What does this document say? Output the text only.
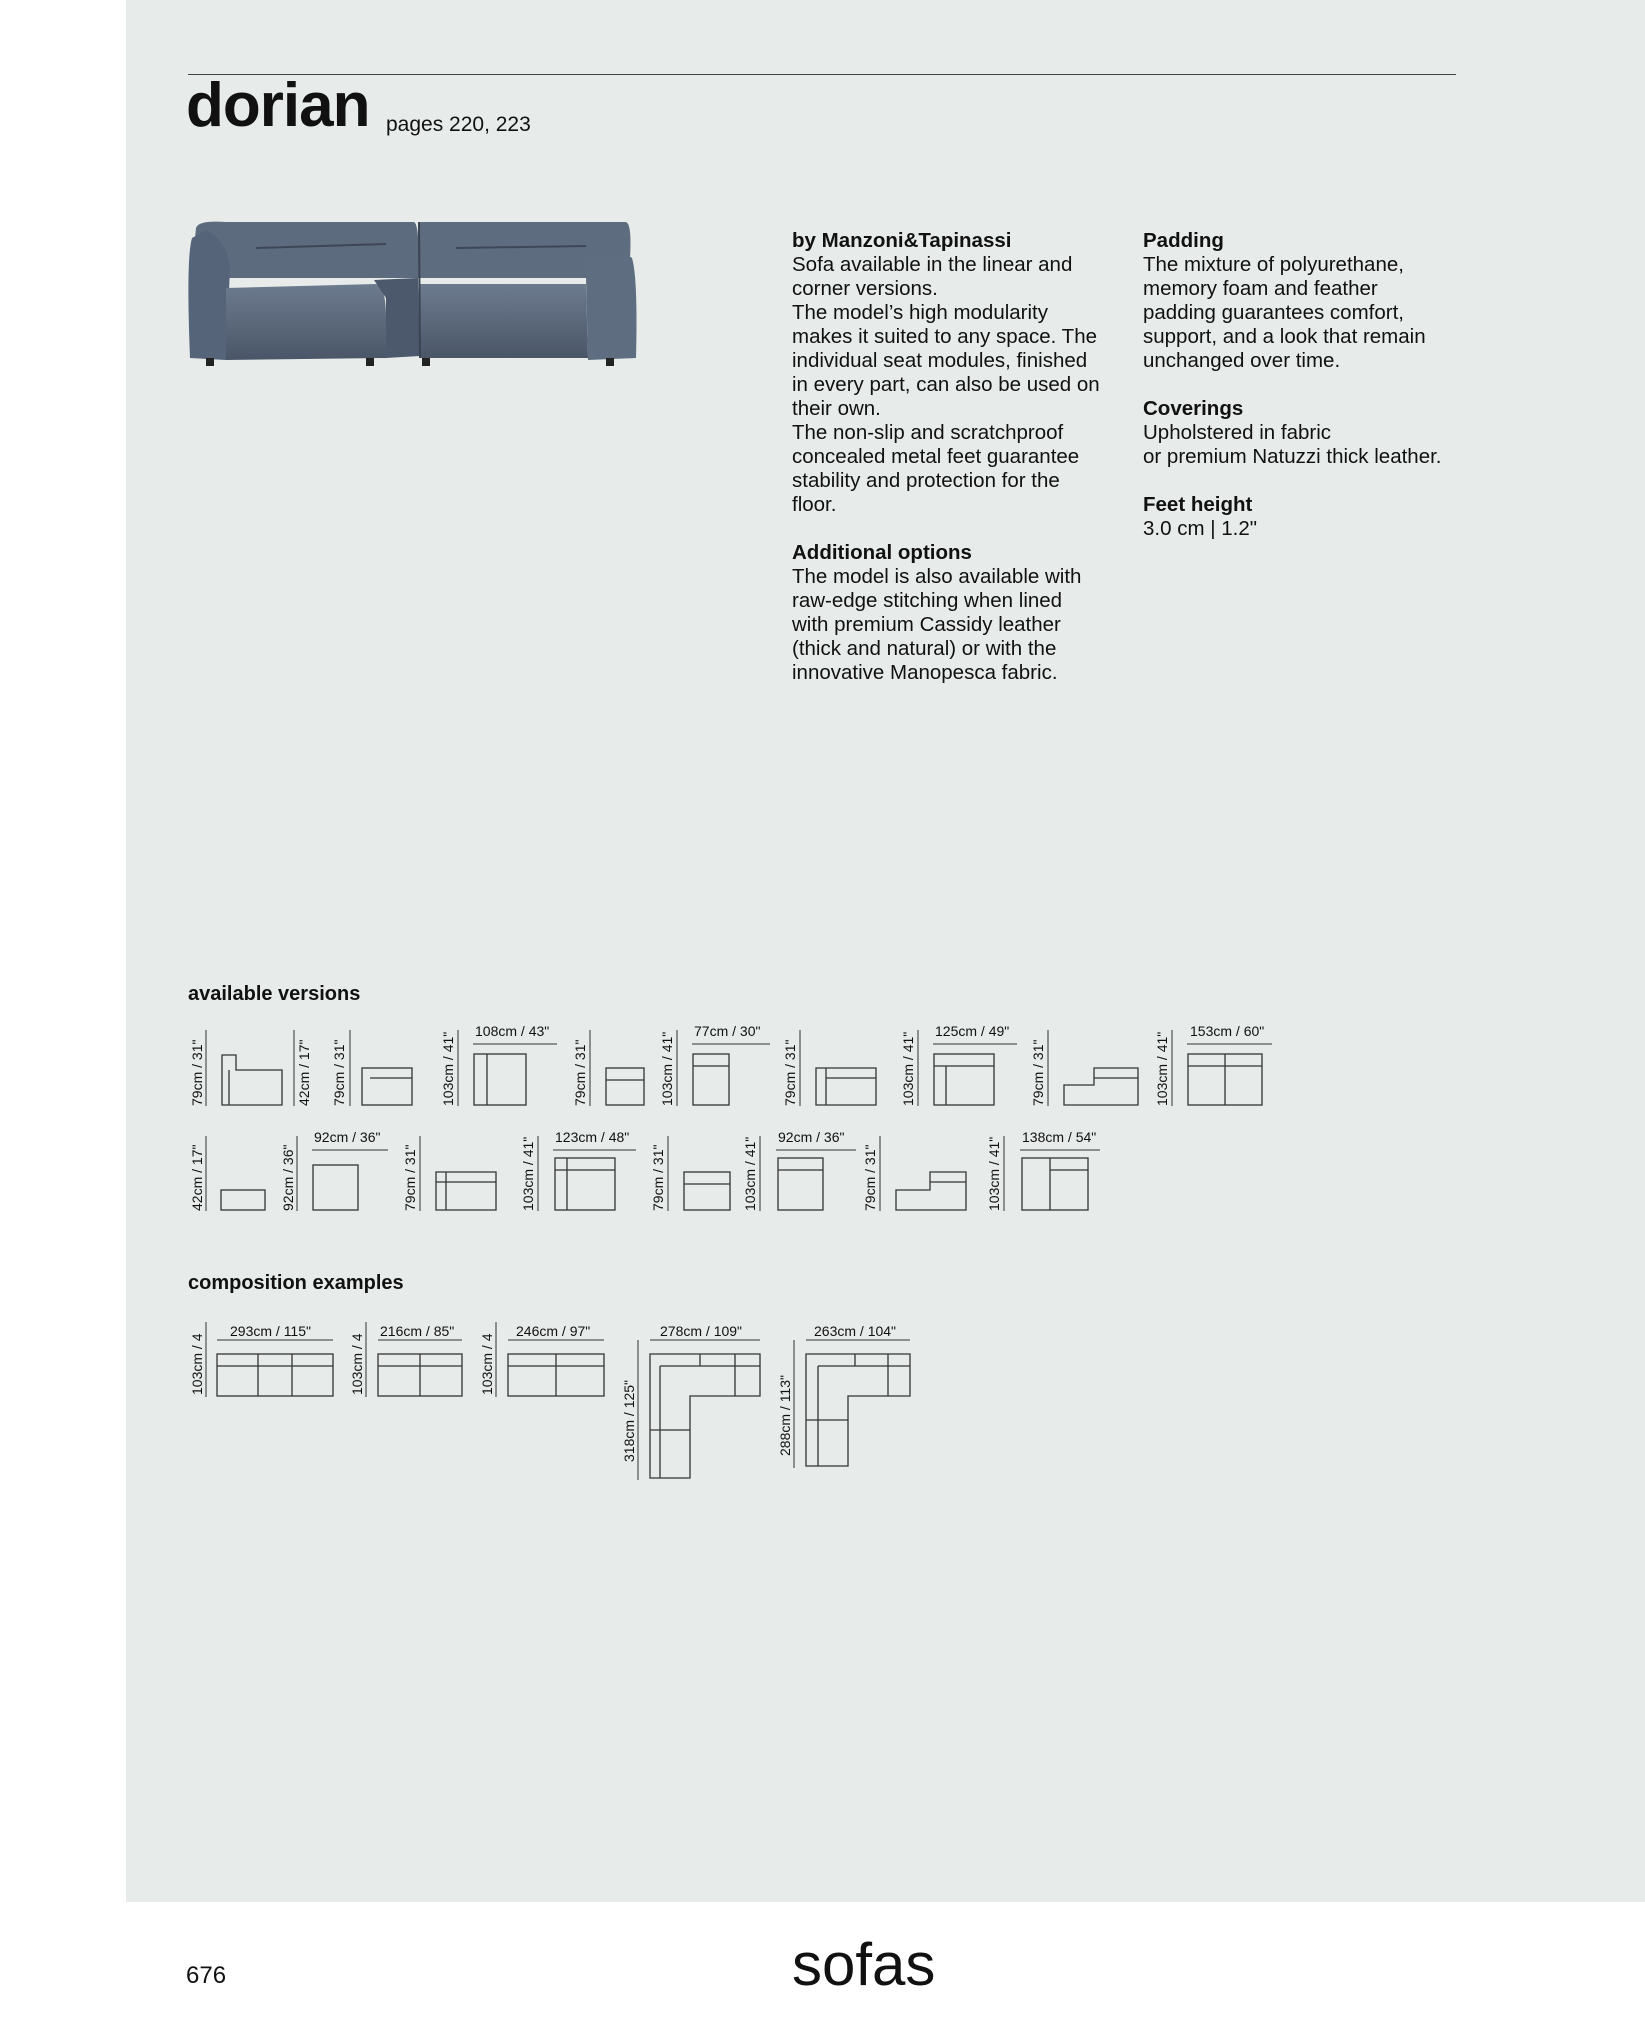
dorian pages 220, 223
by Manzoni&Tapinassi

Sofa available in the linear and

corner versions.

The model’s high modularity

makes it suited to any space. The

individual seat modules, finished

in every part, can also be used on

their own.

The non-slip and scratchproof

concealed metal feet guarantee

stability and protection for the

floor.

Additional options

The model is also available with

raw-edge stitching when lined

with premium Cassidy leather

(thick and natural) or with the

innovative Manopesca fabric.

Padding

The mixture of polyurethane,

memory foam and feather

padding guarantees comfort,

support, and a look that remain

unchanged over time.

Coverings

Upholstered in fabric

or premium Natuzzi thick leather.

Feet height

3.0 cm | 1.2"

available versions
composition examples
79cm / 31"	42cm / 17" 79cm / 31"	103cm / 41"
108cm / 43"
79cm / 31"	103cm / 41"
77cm / 30"
79cm / 31"	103cm / 41"
125cm / 49"
79cm / 31"	103cm / 41"
153cm / 60"
42cm / 17"	92cm / 36"
92cm / 36"
79cm / 31"	103cm / 41" 123cm / 48"
79cm / 31"	103cm / 41" 92cm / 36"
79cm / 31"	103cm / 41" 138cm / 54"
103cm / 4
293cm / 115"
103cm / 4
216cm / 85"
103cm / 4
246cm / 97"	278cm / 109"
318cm / 125"
263cm / 104"
288cm / 113"
676	sofas
